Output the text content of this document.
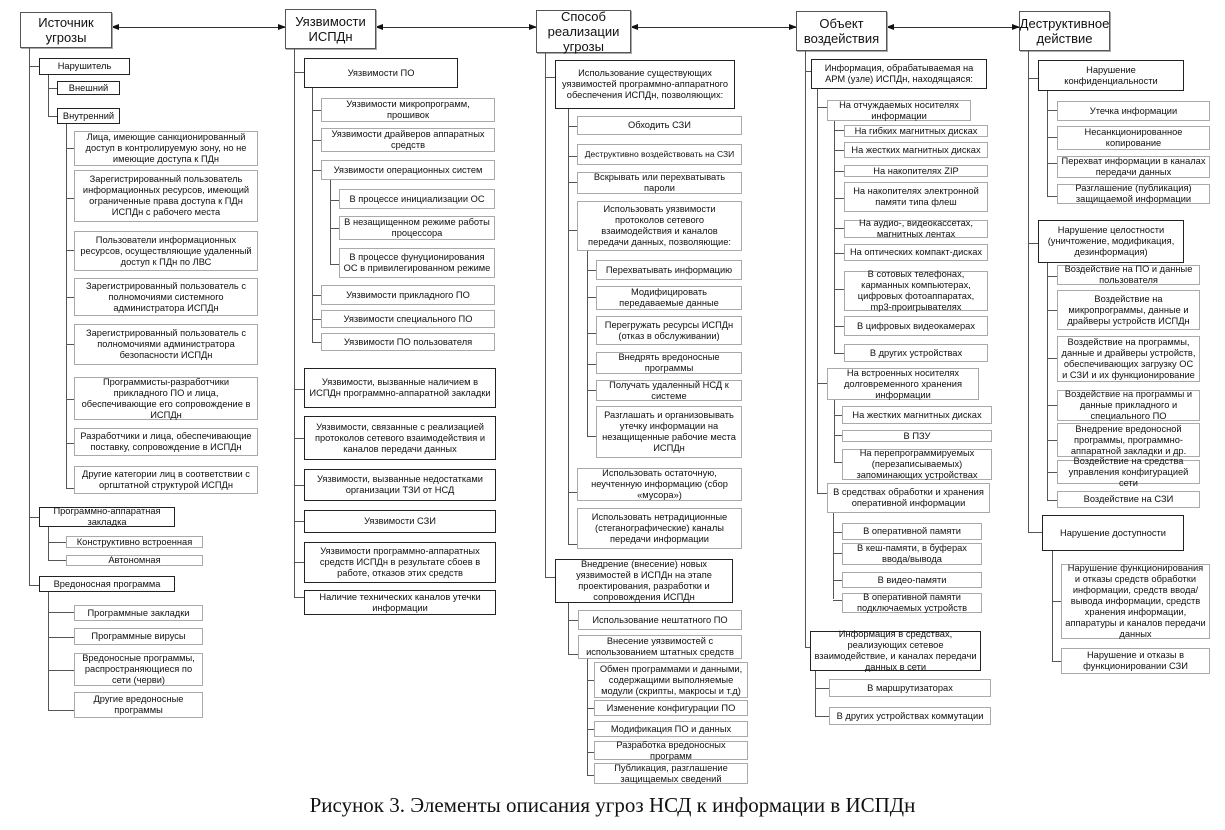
Источник угрозы
Нарушитель
Внешний
Внутренний
Лица, имеющие санкционированный доступ в контролируемую зону, но не имеющие доступа к ПДн
Зарегистрированный пользователь информационных ресурсов, имеющий ограниченные права доступа к ПДн ИСПДн с рабочего места
Пользователи информационных ресурсов, осуществляющие удаленный доступ к ПДн по ЛВС
Зарегистрированный пользователь с полномочиями системного администратора ИСПДн
Зарегистрированный пользователь с полномочиями администратора безопасности ИСПДн
Программисты-разработчики прикладного ПО и лица, обеспечивающие его сопровождение в ИСПДн
Разработчики и лица, обеспечивающие поставку, сопровождение в ИСПДн
Другие категории лиц в соответствии с оргштатной структурой ИСПДн
Программно-аппаратная закладка
Конструктивно встроенная
Автономная
Вредоносная программа
Программные закладки
Программные вирусы
Вредоносные программы, распространяющиеся по сети (черви)
Другие вредоносные программы
Уязвимости ИСПДн
Уязвимости ПО
Уязвимости микропрограмм, прошивок
Уязвимости драйверов аппаратных средств
Уязвимости операционных систем
В процессе инициализации ОС
В незащищенном режиме работы процессора
В процессе фунуционирования ОС в привилегированном режиме
Уязвимости прикладного ПО
Уязвимости специального ПО
Уязвимости ПО пользователя
Уязвимости, вызванные наличием в ИСПДн программно-аппаратной закладки
Уязвимости, связанные с реализацией протоколов сетевого взаимодействия и каналов передачи данных
Уязвимости, вызванные недостатками организации ТЗИ от НСД
Уязвимости СЗИ
Уязвимости программно-аппаратных средств ИСПДн в результате сбоев в работе, отказов этих средств
Наличие технических каналов утечки информации
Способ реализации угрозы
Использование существующих уязвимостей программно-аппаратного обеспечения ИСПДн, позволяющих:
Обходить СЗИ
Деструктивно воздействовать на СЗИ
Вскрывать или перехватывать пароли
Использовать уязвимости протоколов сетевого взаимодействия и каналов передачи данных, позволяющие:
Перехватывать информацию
Модифицировать передаваемые данные
Перегружать ресурсы ИСПДн (отказ в обслуживании)
Внедрять вредоносные программы
Получать удаленный НСД к системе
Разглашать и организовывать утечку информации на незащищенные рабочие места ИСПДн
Использовать остаточную, неучтенную информацию (сбор «мусора»)
Использовать нетрадиционные (стеганографические) каналы передачи информации
Внедрение (внесение) новых уязвимостей в ИСПДн на этапе проектирования, разработки и сопровождения ИСПДн
Использование нештатного ПО
Внесение уязвимостей с использованием штатных средств
Обмен программами и данными, содержащими выполняемые модули (скрипты, макросы и т.д)
Изменение конфигурации ПО
Модификация ПО и данных
Разработка вредоносных программ
Публикация, разглашение защищаемых сведений
Объект воздействия
Информация, обрабатываемая на АРМ (узле) ИСПДн, находящаяся:
На отчуждаемых носителях информации
На гибких магнитных дисках
На жестких магнитных дисках
На накопителях ZIP
На накопителях электронной памяти типа флеш
На аудио-, видеокассетах, магнитных лентах
На оптических компакт-дисках
В сотовых телефонах, карманных компьютерах, цифровых фотоаппаратах, mp3-проигрывателях
В цифровых видеокамерах
В других устройствах
На встроенных носителях долговременного хранения информации
На жестких магнитных дисках
В ПЗУ
На перепрограммируемых (перезаписываемых) запоминающих устройствах
В средствах обработки и хранения оперативной информации
В оперативной памяти
В кеш-памяти, в буферах ввода/вывода
В видео-памяти
В оперативной памяти подключаемых устройств
Информация в средствах, реализующих сетевое взаимодействие, и каналах передачи данных в сети
В маршрутизаторах
В других устройствах коммутации
Деструктивное действие
Нарушение конфиденциальности
Утечка информации
Несанкционированное копирование
Перехват информации в каналах передачи данных
Разглашение (публикация) защищаемой информации
Нарушение целостности (уничтожение, модификация, дезинформация)
Воздействие на ПО и данные пользователя
Воздействие на микропрограммы, данные и драйверы устройств ИСПДн
Воздействие на программы, данные и драйверы устройств, обеспечивающих загрузку ОС и СЗИ и их функционирование
Воздействие на программы и данные прикладного и специального ПО
Внедрение вредоносной программы, программно-аппаратной закладки и др.
Воздействие на средства управления конфигурацией сети
Воздействие на СЗИ
Нарушение доступности
Нарушение функционирования и отказы средств обработки информации, средств ввода/ вывода информации, средств хранения информации, аппаратуры и каналов передачи данных
Нарушение и отказы в функционировании СЗИ
Рисунок 3. Элементы описания угроз НСД к информации в ИСПДн
